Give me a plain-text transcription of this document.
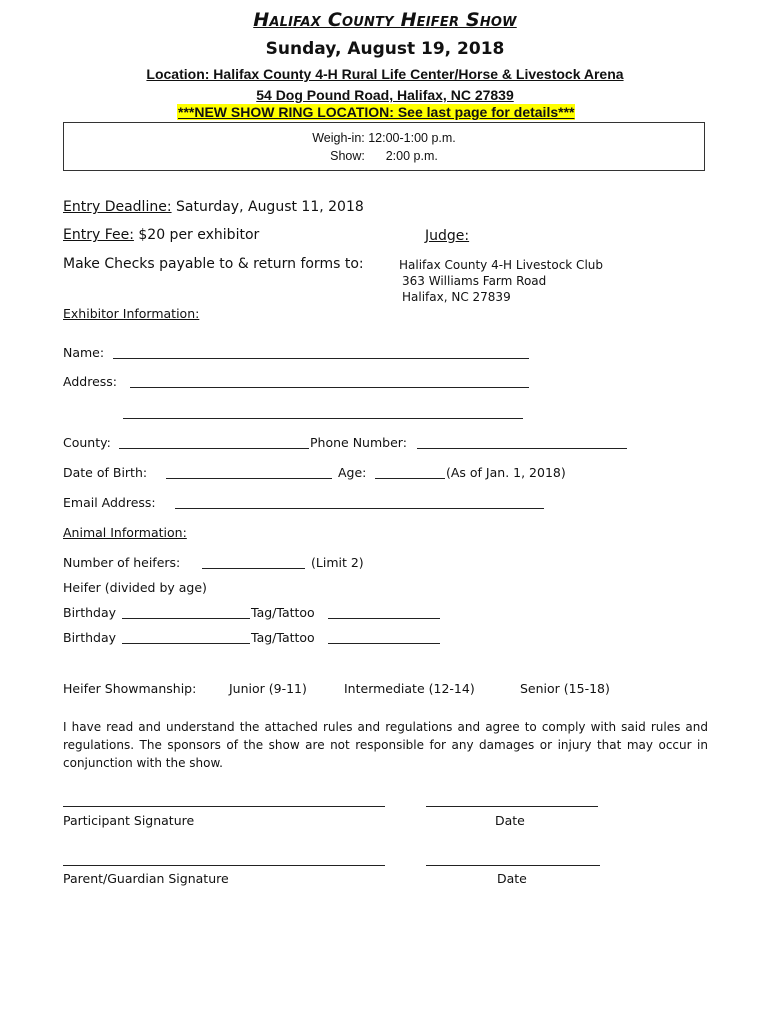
Halifax County Heifer Show
Sunday, August 19, 2018
Location: Halifax County 4-H Rural Life Center/Horse & Livestock Arena
54 Dog Pound Road, Halifax, NC 27839
***NEW SHOW RING LOCATION: See last page for details***
Weigh-in: 12:00-1:00 p.m.
Show:      2:00 p.m.
Entry Deadline: Saturday, August 11, 2018
Entry Fee: $20 per exhibitor	Judge:
Make Checks payable to & return forms to:	Halifax County 4-H Livestock Club
363 Williams Farm Road
Halifax, NC 27839
Exhibitor Information:
Name:
Address:
County:	Phone Number:
Date of Birth:	Age:	(As of Jan. 1, 2018)
Email Address:
Animal Information:
Number of heifers:	(Limit 2)
Heifer (divided by age)
Birthday	Tag/Tattoo
Birthday	Tag/Tattoo
Heifer Showmanship:	Junior (9-11)	Intermediate (12-14)	Senior (15-18)
I have read and understand the attached rules and regulations and agree to comply with said rules and regulations. The sponsors of the show are not responsible for any damages or injury that may occur in conjunction with the show.
Participant Signature	Date
Parent/Guardian Signature	Date
